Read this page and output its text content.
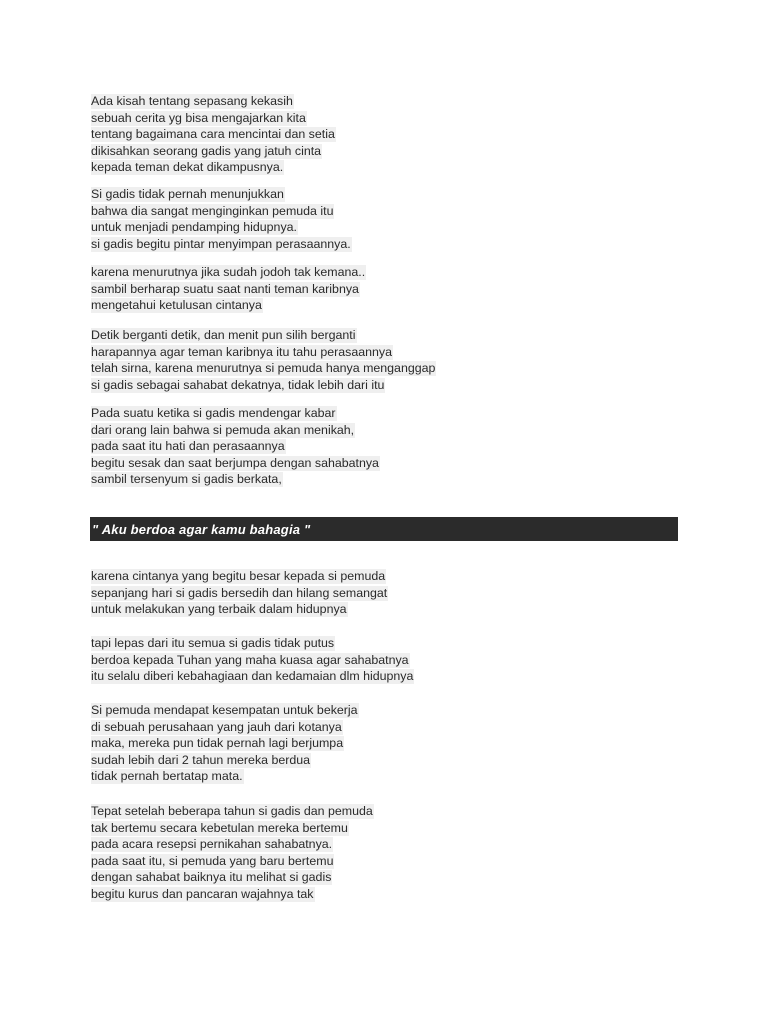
Ada kisah tentang sepasang kekasih
sebuah cerita yg bisa mengajarkan kita
tentang bagaimana cara mencintai dan setia
dikisahkan seorang gadis yang jatuh cinta
kepada teman dekat dikampusnya.
Si gadis tidak pernah menunjukkan
bahwa dia sangat menginginkan pemuda itu
untuk menjadi pendamping hidupnya.
si gadis begitu pintar menyimpan perasaannya.
karena menurutnya jika sudah jodoh tak kemana..
sambil berharap suatu saat nanti teman karibnya
mengetahui ketulusan cintanya
Detik berganti detik, dan menit pun silih berganti
harapannya agar teman karibnya itu tahu perasaannya
telah sirna, karena menurutnya si pemuda hanya menganggap
si gadis sebagai sahabat dekatnya, tidak lebih dari itu
Pada suatu ketika si gadis mendengar kabar
dari orang lain bahwa si pemuda akan menikah,
pada saat itu hati dan perasaannya
begitu sesak dan saat berjumpa dengan sahabatnya
sambil tersenyum si gadis berkata,
" Aku berdoa agar kamu bahagia "
karena cintanya yang begitu besar kepada si pemuda
sepanjang hari si gadis bersedih dan hilang semangat
untuk melakukan yang terbaik dalam hidupnya
tapi lepas dari itu semua si gadis tidak putus
berdoa kepada Tuhan yang maha kuasa agar sahabatnya
itu selalu diberi kebahagiaan dan kedamaian dlm hidupnya
Si pemuda mendapat kesempatan untuk bekerja
di sebuah perusahaan yang jauh dari kotanya
maka, mereka pun tidak pernah lagi berjumpa
sudah lebih dari 2 tahun mereka berdua
tidak pernah bertatap mata.
Tepat setelah beberapa tahun si gadis dan pemuda
tak bertemu secara kebetulan mereka bertemu
pada acara resepsi pernikahan sahabatnya.
pada saat itu, si pemuda yang baru bertemu
dengan sahabat baiknya itu melihat si gadis
begitu kurus dan pancaran wajahnya tak
